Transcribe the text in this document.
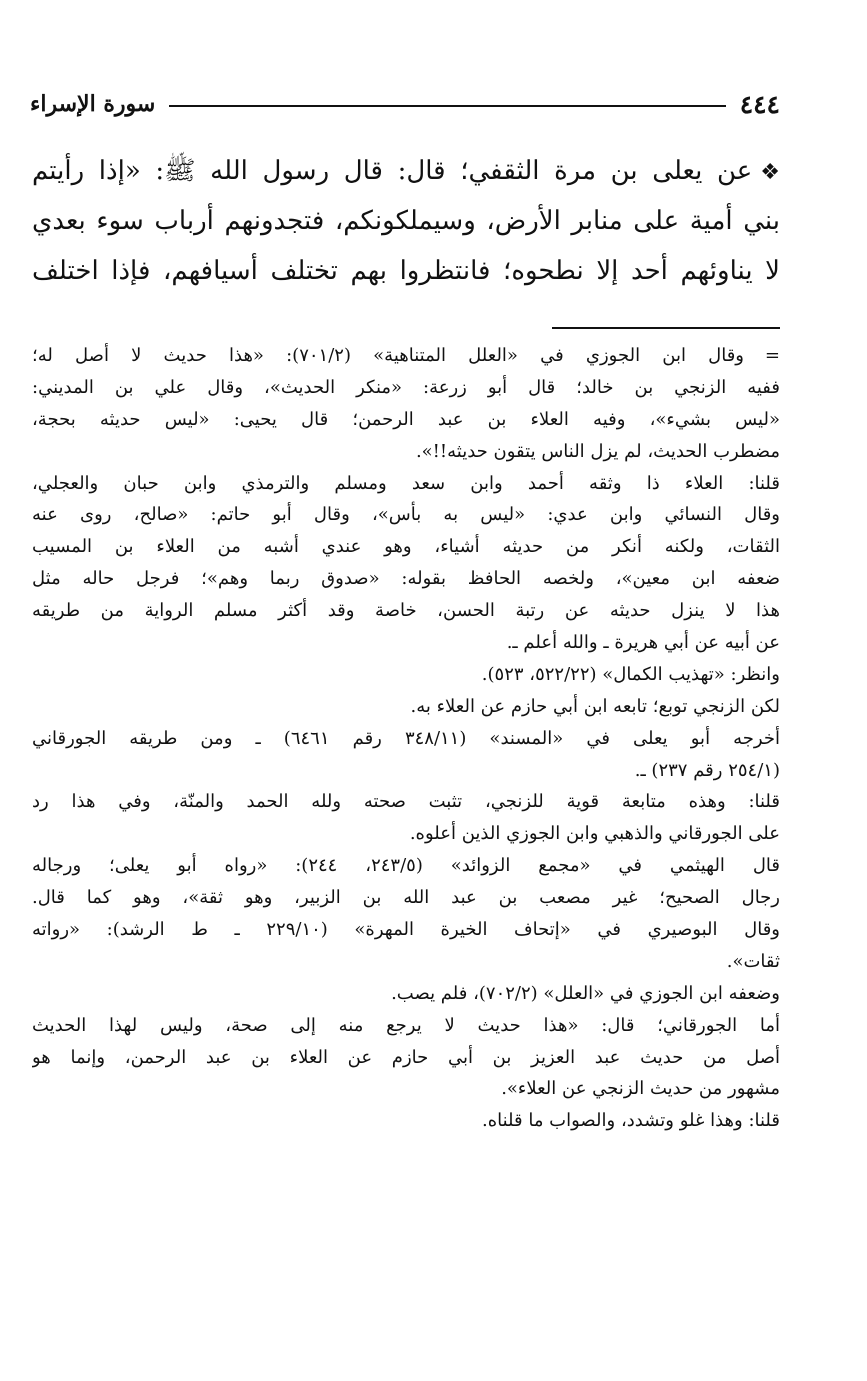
٤٤٤
سورة الإسراء
❖عن يعلى بن مرة الثقفي؛ قال: قال رسول الله ﷺ: «إذا رأيتم
بني أمية على منابر الأرض، وسيملكونكم، فتجدونهم أرباب سوء بعدي
لا يناوئهم أحد إلا نطحوه؛ فانتظروا بهم تختلف أسيافهم، فإذا اختلف
=
وقال ابن الجوزي في «العلل المتناهية» (٧٠١/٢): «هذا حديث لا أصل له؛
ففيه الزنجي بن خالد؛ قال أبو زرعة: «منكر الحديث»، وقال علي بن المديني:
«ليس بشيء»، وفيه العلاء بن عبد الرحمن؛ قال يحيى: «ليس حديثه بحجة،
مضطرب الحديث، لم يزل الناس يتقون حديثه!!».
قلنا: العلاء ذا وثقه أحمد وابن سعد ومسلم والترمذي وابن حبان والعجلي،
وقال النسائي وابن عدي: «ليس به بأس»، وقال أبو حاتم: «صالح، روى عنه
الثقات، ولكنه أنكر من حديثه أشياء، وهو عندي أشبه من العلاء بن المسيب
ضعفه ابن معين»، ولخصه الحافظ بقوله: «صدوق ربما وهم»؛ فرجل حاله مثل
هذا لا ينزل حديثه عن رتبة الحسن، خاصة وقد أكثر مسلم الرواية من طريقه
عن أبيه عن أبي هريرة ـ والله أعلم ـ.
وانظر: «تهذيب الكمال» (٥٢٢/٢٢، ٥٢٣).
لكن الزنجي توبع؛ تابعه ابن أبي حازم عن العلاء به.
أخرجه أبو يعلى في «المسند» (٣٤٨/١١ رقم ٦٤٦١) ـ ومن طريقه الجورقاني
(٢٥٤/١ رقم ٢٣٧) ـ.
قلنا: وهذه متابعة قوية للزنجي، تثبت صحته ولله الحمد والمنّة، وفي هذا رد
على الجورقاني والذهبي وابن الجوزي الذين أعلوه.
قال الهيثمي في «مجمع الزوائد» (٢٤٣/٥، ٢٤٤): «رواه أبو يعلى؛ ورجاله
رجال الصحيح؛ غير مصعب بن عبد الله بن الزبير، وهو ثقة»، وهو كما قال.
وقال البوصيري في «إتحاف الخيرة المهرة» (٢٢٩/١٠ ـ ط الرشد): «رواته
ثقات».
وضعفه ابن الجوزي في «العلل» (٧٠٢/٢)، فلم يصب.
أما الجورقاني؛ قال: «هذا حديث لا يرجع منه إلى صحة، وليس لهذا الحديث
أصل من حديث عبد العزيز بن أبي حازم عن العلاء بن عبد الرحمن، وإنما هو
مشهور من حديث الزنجي عن العلاء».
قلنا: وهذا غلو وتشدد، والصواب ما قلناه.
